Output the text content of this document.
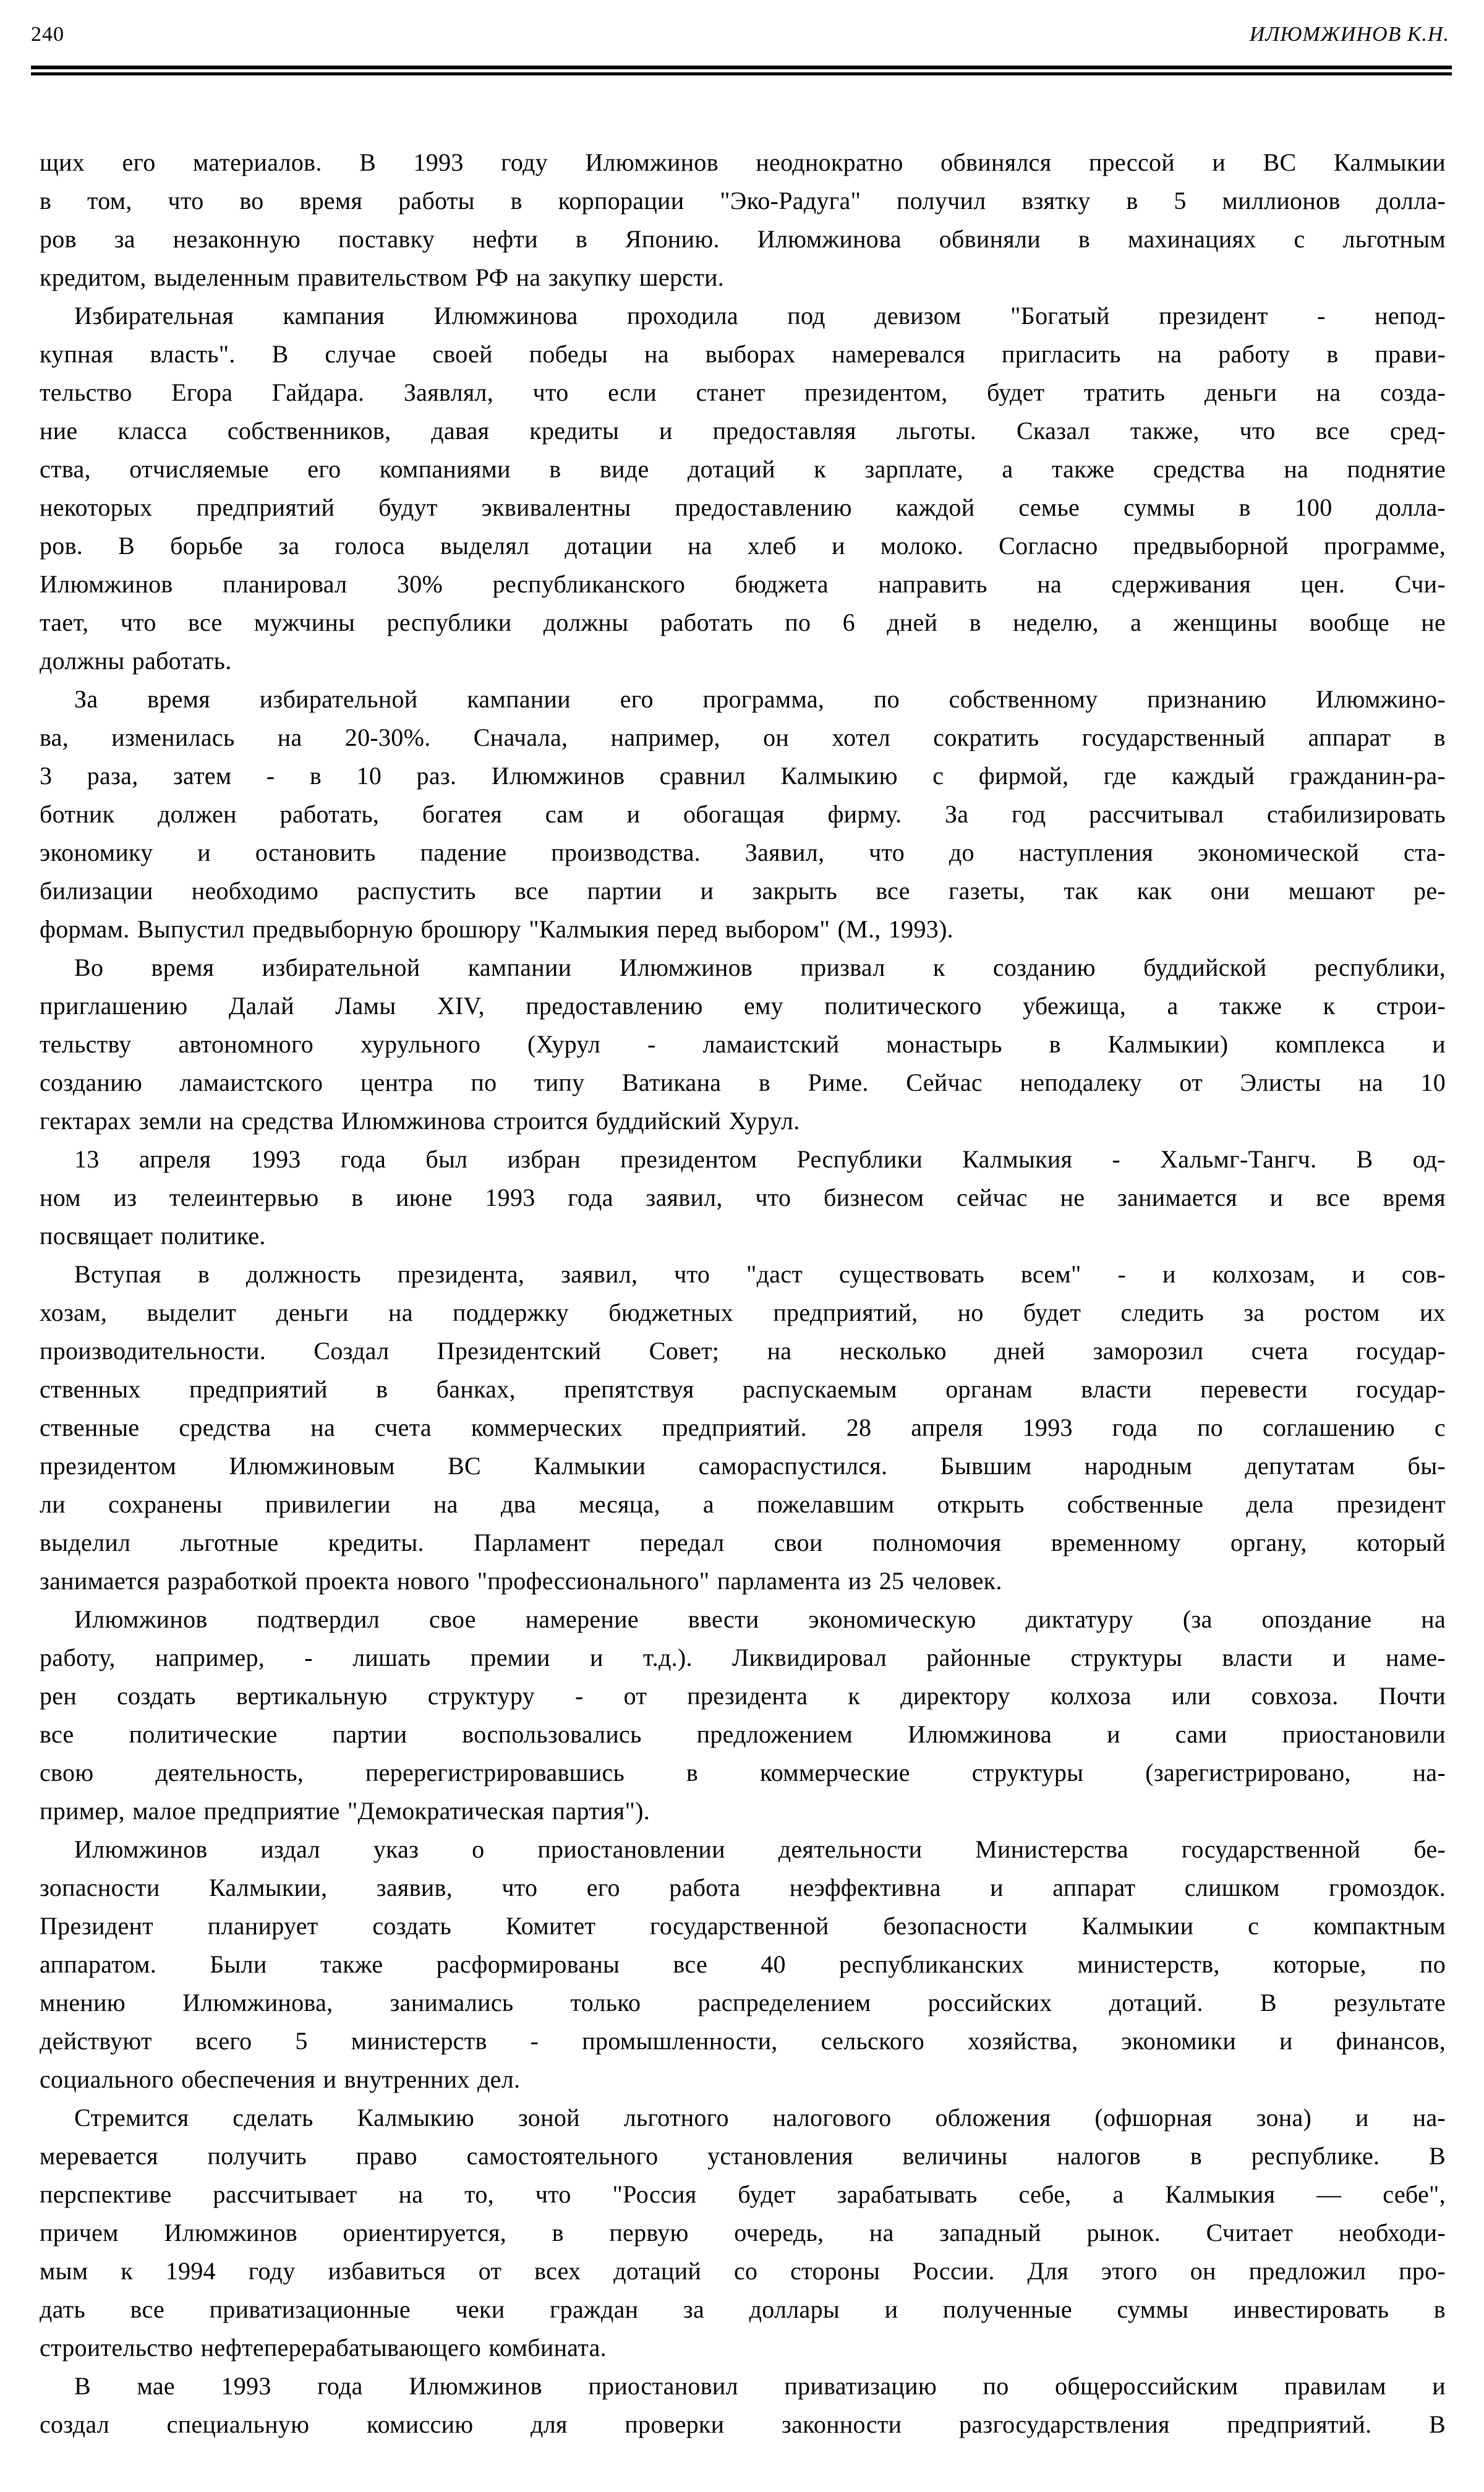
240	ИЛЮМЖИНОВ К.Н.
щих его материалов. В 1993 году Илюмжинов неоднократно обвинялся прессой и ВС Калмыкии
в том, что во время работы в корпорации "Эко-Радуга" получил взятку в 5 миллионов долла-
ров за незаконную поставку нефти в Японию. Илюмжинова обвиняли в махинациях с льготным
кредитом, выделенным правительством РФ на закупку шерсти.
Избирательная кампания Илюмжинова проходила под девизом "Богатый президент - непод-
купная власть". В случае своей победы на выборах намеревался пригласить на работу в прави-
тельство Егора Гайдара. Заявлял, что если станет президентом, будет тратить деньги на созда-
ние класса собственников, давая кредиты и предоставляя льготы. Сказал также, что все сред-
ства, отчисляемые его компаниями в виде дотаций к зарплате, а также средства на поднятие
некоторых предприятий будут эквивалентны предоставлению каждой семье суммы в 100 долла-
ров. В борьбе за голоса выделял дотации на хлеб и молоко. Согласно предвыборной программе,
Илюмжинов планировал 30% республиканского бюджета направить на сдерживания цен. Счи-
тает, что все мужчины республики должны работать по 6 дней в неделю, а женщины вообще не
должны работать.
За время избирательной кампании его программа, по собственному признанию Илюмжино-
ва, изменилась на 20-30%. Сначала, например, он хотел сократить государственный аппарат в
3 раза, затем - в 10 раз. Илюмжинов сравнил Калмыкию с фирмой, где каждый гражданин-ра-
ботник должен работать, богатея сам и обогащая фирму. За год рассчитывал стабилизировать
экономику и остановить падение производства. Заявил, что до наступления экономической ста-
билизации необходимо распустить все партии и закрыть все газеты, так как они мешают ре-
формам. Выпустил предвыборную брошюру "Калмыкия перед выбором" (М., 1993).
Во время избирательной кампании Илюмжинов призвал к созданию буддийской республики,
приглашению Далай Ламы XIV, предоставлению ему политического убежища, а также к строи-
тельству автономного хурульного (Хурул - ламаистский монастырь в Калмыкии) комплекса и
созданию ламаистского центра по типу Ватикана в Риме. Сейчас неподалеку от Элисты на 10
гектарах земли на средства Илюмжинова строится буддийский Хурул.
13 апреля 1993 года был избран президентом Республики Калмыкия - Хальмг-Тангч. В од-
ном из телеинтервью в июне 1993 года заявил, что бизнесом сейчас не занимается и все время
посвящает политике.
Вступая в должность президента, заявил, что "даст существовать всем" - и колхозам, и сов-
хозам, выделит деньги на поддержку бюджетных предприятий, но будет следить за ростом их
производительности. Создал Президентский Совет; на несколько дней заморозил счета государ-
ственных предприятий в банках, препятствуя распускаемым органам власти перевести государ-
ственные средства на счета коммерческих предприятий. 28 апреля 1993 года по соглашению с
президентом Илюмжиновым ВС Калмыкии самораспустился. Бывшим народным депутатам бы-
ли сохранены привилегии на два месяца, а пожелавшим открыть собственные дела президент
выделил льготные кредиты. Парламент передал свои полномочия временному органу, который
занимается разработкой проекта нового "профессионального" парламента из 25 человек.
Илюмжинов подтвердил свое намерение ввести экономическую диктатуру (за опоздание на
работу, например, - лишать премии и т.д.). Ликвидировал районные структуры власти и наме-
рен создать вертикальную структуру - от президента к директору колхоза или совхоза. Почти
все политические партии воспользовались предложением Илюмжинова и сами приостановили
свою деятельность, перерегистрировавшись в коммерческие структуры (зарегистрировано, на-
пример, малое предприятие "Демократическая партия").
Илюмжинов издал указ о приостановлении деятельности Министерства государственной бе-
зопасности Калмыкии, заявив, что его работа неэффективна и аппарат слишком громоздок.
Президент планирует создать Комитет государственной безопасности Калмыкии с компактным
аппаратом. Были также расформированы все 40 республиканских министерств, которые, по
мнению Илюмжинова, занимались только распределением российских дотаций. В результате
действуют всего 5 министерств - промышленности, сельского хозяйства, экономики и финансов,
социального обеспечения и внутренних дел.
Стремится сделать Калмыкию зоной льготного налогового обложения (офшорная зона) и на-
меревается получить право самостоятельного установления величины налогов в республике. В
перспективе рассчитывает на то, что "Россия будет зарабатывать себе, а Калмыкия — себе",
причем Илюмжинов ориентируется, в первую очередь, на западный рынок. Считает необходи-
мым к 1994 году избавиться от всех дотаций со стороны России. Для этого он предложил про-
дать все приватизационные чеки граждан за доллары и полученные суммы инвестировать в
строительство нефтеперерабатывающего комбината.
В мае 1993 года Илюмжинов приостановил приватизацию по общероссийским правилам и
создал специальную комиссию для проверки законности разгосударствления предприятий. В
